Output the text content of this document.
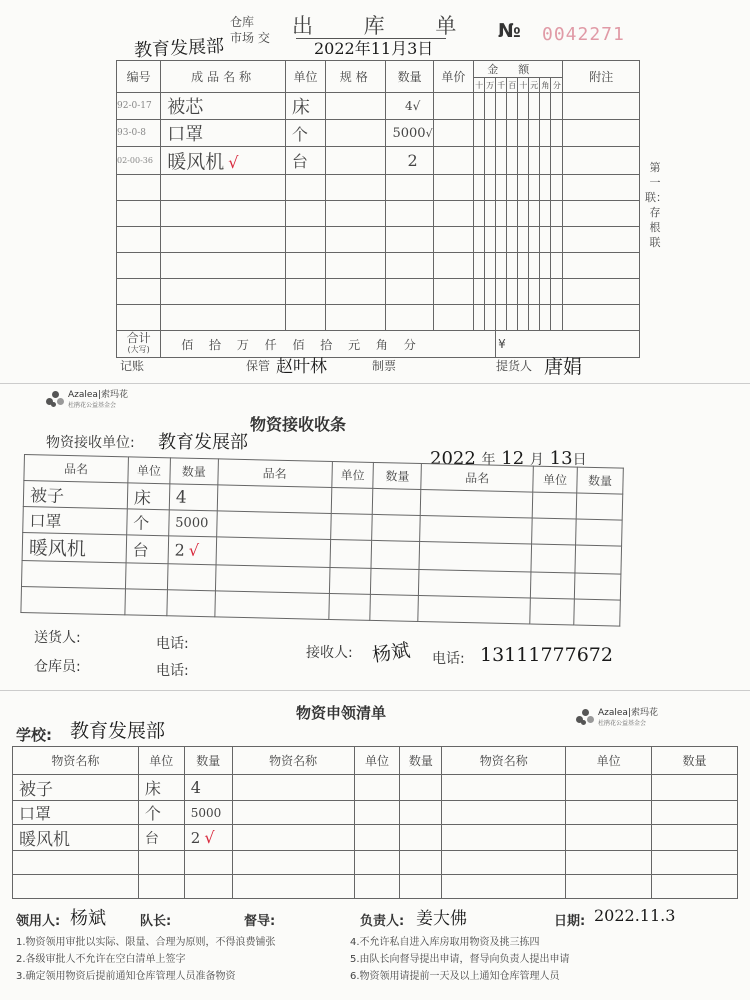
仓库
市场 交	出 库 单 № 0042271
教育发展部	2022年11月3日
编号	成品名称	单位	规格	数量	单价	金额								附注
						十	万	千	百	十	元	角	分	
92-0-17	被芯	床		4√										
93-0-8	口罩	个		5000√										
02-00-36	暖风机 √	台		2										

合计
(大写)	佰 拾 万 仟 佰 拾 元 角 分							¥						
第一联：存根联
记账	保管 赵叶林	制票	提货人 唐娟
Azalea|索玛花
杜鹃花公益基金会
物资接收收条
物资接收单位: 教育发展部
2022 年 12 月 13日
品名	单位	数量	品名	单位	数量	品名	单位	数量
被子	床	4						
口罩	个	5000						
暖风机	台	2 √						

送货人:	电话:
仓库员:	电话:
接收人: 杨斌 电话: 13111777672
物资申领清单	Azalea|索玛花
杜鹃花公益基金会
学校: 教育发展部
物资名称	单位	数量	物资名称	单位	数量	物资名称	单位	数量
被子	床	4						
口罩	个	5000						
暖风机	台	2 √						

领用人: 杨斌	队长:	督导:	负责人: 姜大佛	日期: 2022.11.3
1.物资领用审批以实际、限量、合理为原则，不得浪费铺张
2.各级审批人不允许在空白清单上签字
3.确定领用物资后提前通知仓库管理人员准备物资
4.不允许私自进入库房取用物资及挑三拣四
5.由队长向督导提出申请，督导向负责人提出申请
6.物资领用请提前一天及以上通知仓库管理人员
